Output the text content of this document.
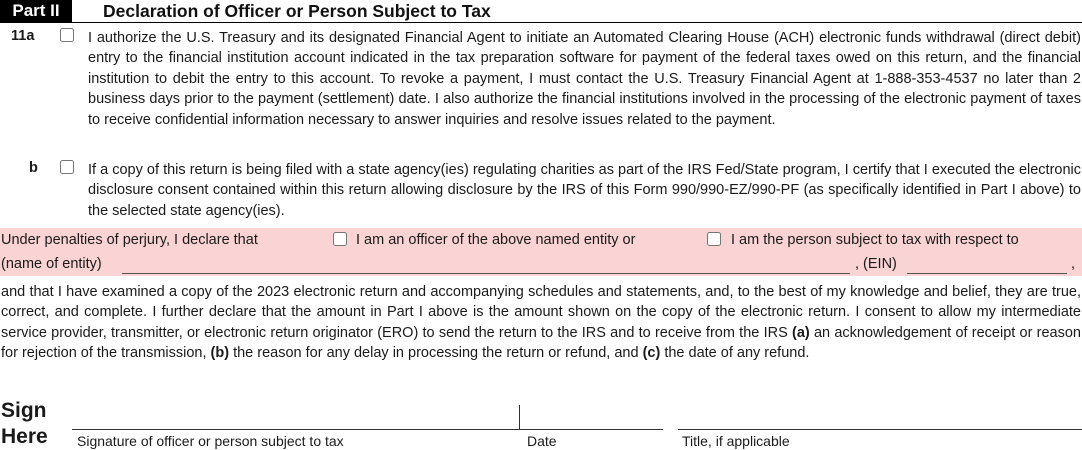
Part II	Declaration of Officer or Person Subject to Tax
11a	I authorize the U.S. Treasury and its designated Financial Agent to initiate an Automated Clearing House (ACH) electronic funds withdrawal (direct debit) entry to the financial institution account indicated in the tax preparation software for payment of the federal taxes owed on this return, and the financial institution to debit the entry to this account. To revoke a payment, I must contact the U.S. Treasury Financial Agent at 1-888-353-4537 no later than 2 business days prior to the payment (settlement) date. I also authorize the financial institutions involved in the processing of the electronic payment of taxes to receive confidential information necessary to answer inquiries and resolve issues related to the payment.

b	If a copy of this return is being filed with a state agency(ies) regulating charities as part of the IRS Fed/State program, I certify that I executed the electronic disclosure consent contained within this return allowing disclosure by the IRS of this Form 990/990-EZ/990-PF (as specifically identified in Part I above) to the selected state agency(ies).

Under penalties of perjury, I declare that	I am an officer of the above named entity or	I am the person subject to tax with respect to
(name of entity)	, (EIN)	,

and that I have examined a copy of the 2023 electronic return and accompanying schedules and statements, and, to the best of my knowledge and belief, they are true, correct, and complete. I further declare that the amount in Part I above is the amount shown on the copy of the electronic return. I consent to allow my intermediate service provider, transmitter, or electronic return originator (ERO) to send the return to the IRS and to receive from the IRS (a) an acknowledgement of receipt or reason for rejection of the transmission, (b) the reason for any delay in processing the return or refund, and (c) the date of any refund.

Sign
Here Signature of officer or person subject to tax	Date	Title, if applicable
